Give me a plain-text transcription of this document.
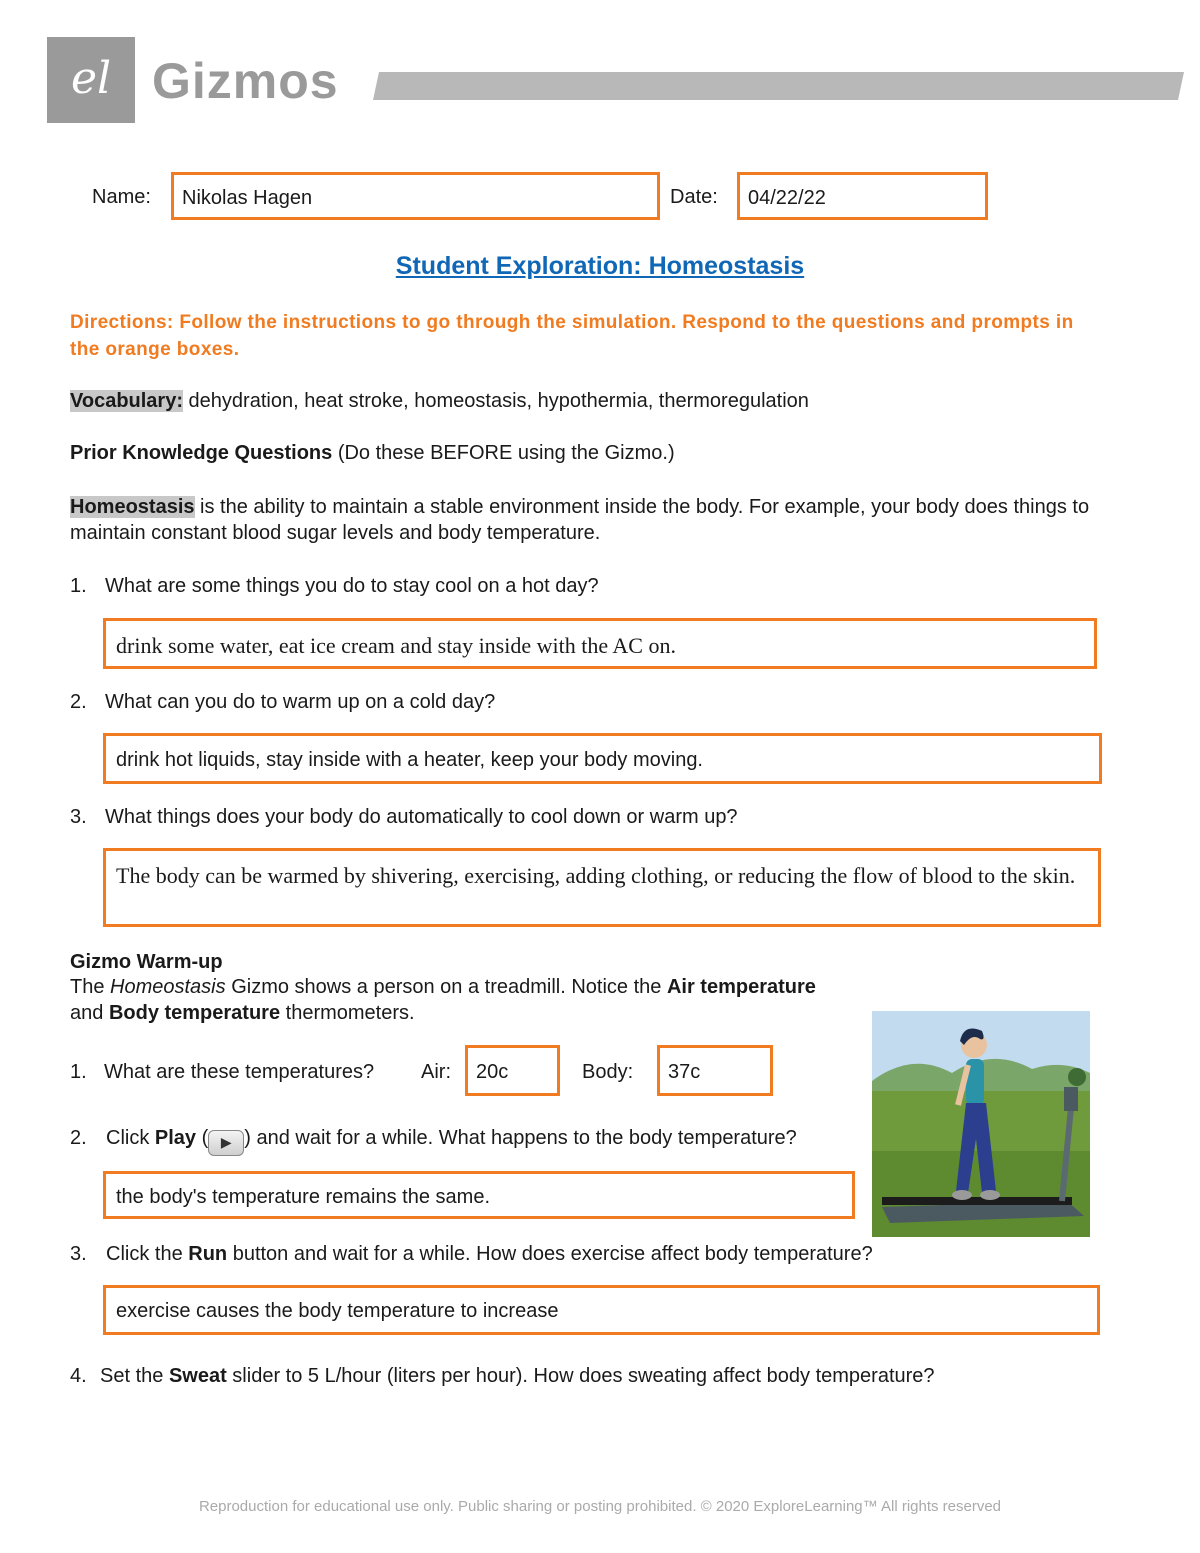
el Gizmos
Name:	Nikolas Hagen	Date:	04/22/22
Student Exploration: Homeostasis
Directions: Follow the instructions to go through the simulation. Respond to the questions and prompts in the orange boxes.
Vocabulary: dehydration, heat stroke, homeostasis, hypothermia, thermoregulation
Prior Knowledge Questions (Do these BEFORE using the Gizmo.)
Homeostasis is the ability to maintain a stable environment inside the body. For example, your body does things to maintain constant blood sugar levels and body temperature.
1. What are some things you do to stay cool on a hot day?
drink some water, eat ice cream and stay inside with the AC on.
2. What can you do to warm up on a cold day?
drink hot liquids, stay inside with a heater, keep your body moving.
3. What things does your body do automatically to cool down or warm up?
The body can be warmed by shivering, exercising, adding clothing, or reducing the flow of blood to the skin.
Gizmo Warm-up
The Homeostasis Gizmo shows a person on a treadmill. Notice the Air temperature
and Body temperature thermometers.
1. What are these temperatures? Air:	20c	Body:	37c
2. Click Play ( ▶ ) and wait for a while. What happens to the body temperature?
the body's temperature remains the same.
3. Click the Run button and wait for a while. How does exercise affect body temperature?
exercise causes the body temperature to increase
4. Set the Sweat slider to 5 L/hour (liters per hour). How does sweating affect body temperature?
Reproduction for educational use only. Public sharing or posting prohibited. © 2020 ExploreLearning™ All rights reserved
